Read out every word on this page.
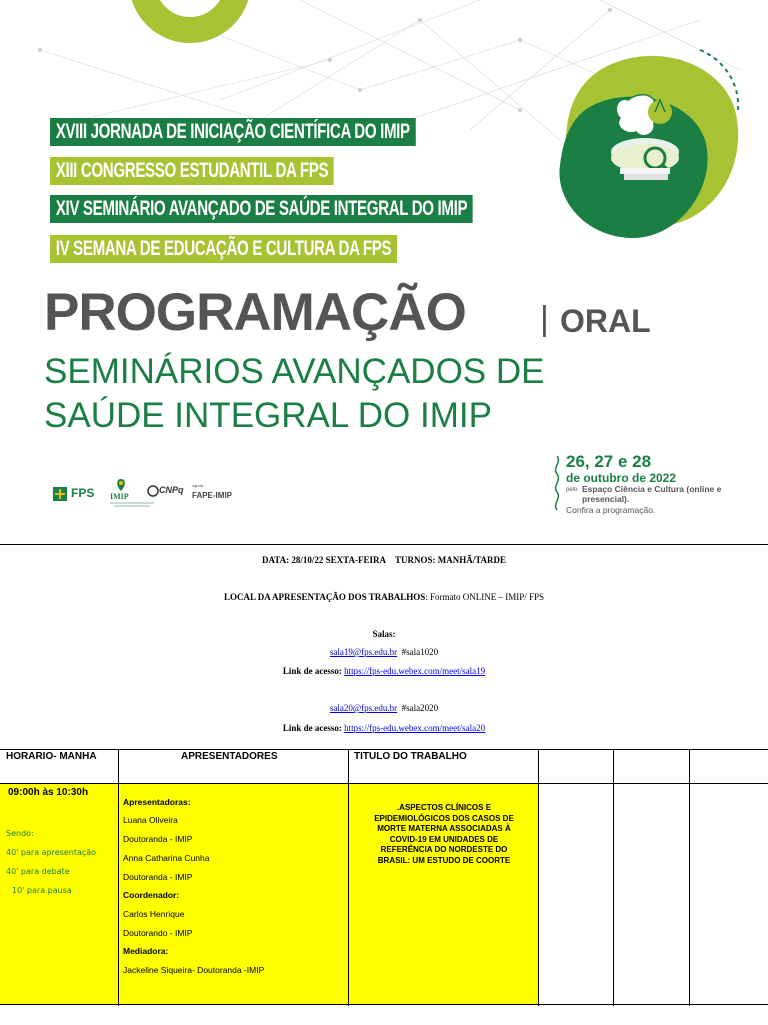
XVIII JORNADA DE INICIAÇÃO CIENTÍFICA DO IMIP
XIII CONGRESSO ESTUDANTIL DA FPS
XIV SEMINÁRIO AVANÇADO DE SAÚDE INTEGRAL DO IMIP
IV SEMANA DE EDUCAÇÃO E CULTURA DA FPS
PROGRAMAÇÃO | ORAL
SEMINÁRIOS AVANÇADOS DE
SAÚDE INTEGRAL DO IMIP
26, 27 e 28
de outubro de 2022
pelo Espaço Ciência e Cultura (online e presencial).
Confira a programação.
FPS IMIP
CNPq Apoio
FAPE-IMIP
DATA: 28/10/22 SEXTA-FEIRA TURNOS: MANHÃ/TARDE
LOCAL DA APRESENTAÇÃO DOS TRABALHOS: Formato ONLINE – IMIP/ FPS
Salas:
sala19@fps.edu.br #sala1020
Link de acesso: https://fps-edu.webex.com/meet/sala19
sala20@fps.edu.br #sala2020
Link de acesso: https://fps-edu.webex.com/meet/sala20
HORARIO- MANHA	APRESENTADORES	TITULO DO TRABALHO
09:00h às 10:30h
Sendo:
40' para apresentação
40' para debate
10' para pausa
Apresentadoras:
Luana Oliveira
Doutoranda - IMIP
Anna Catharina Cunha
Doutoranda - IMIP
Coordenador:
Carlos Henrique
Doutorando - IMIP
Mediadora:
Jackeline Siqueira- Doutoranda -IMIP
.ASPECTOS CLÍNICOS E
EPIDEMIOLÓGICOS DOS CASOS DE
MORTE MATERNA ASSOCIADAS À
COVID-19 EM UNIDADES DE
REFERÊNCIA DO NORDESTE DO
BRASIL: UM ESTUDO DE COORTE
